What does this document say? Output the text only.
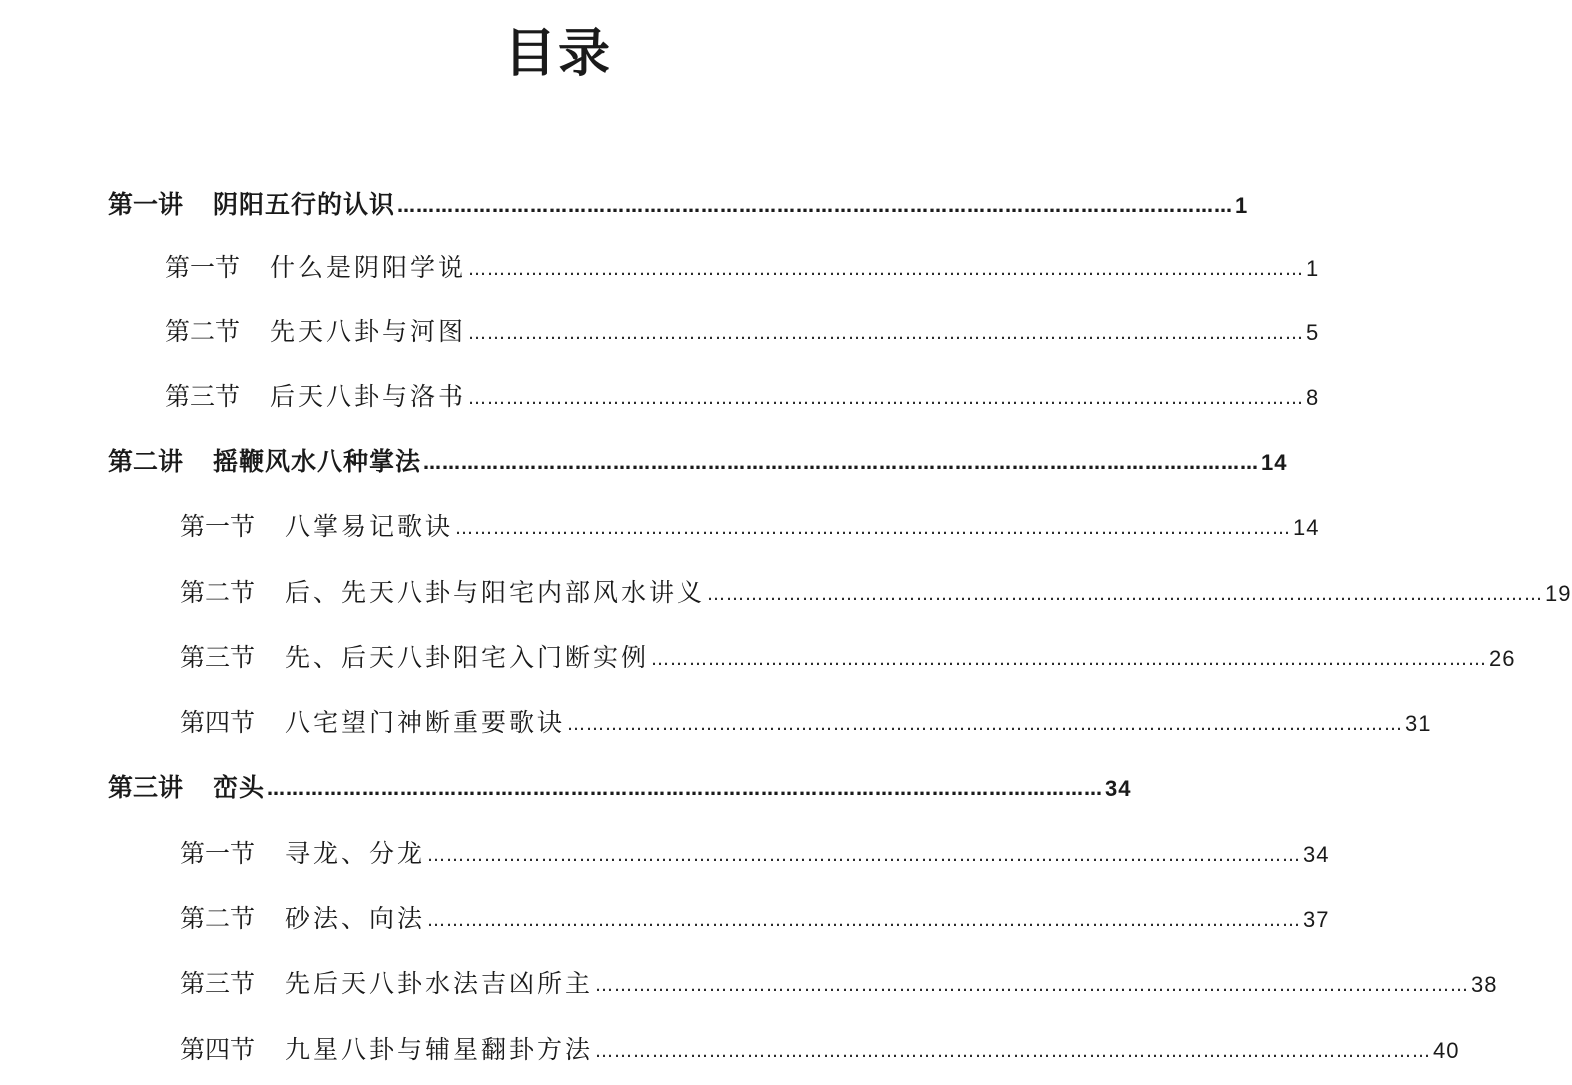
目录
第一讲 阴阳五行的认识 …………………………………………………………………………………………………………………… 1
第一节 什么是阴阳学说 …………………………………………………………………………………………………………………… 1
第二节 先天八卦与河图 …………………………………………………………………………………………………………………… 5
第三节 后天八卦与洛书 …………………………………………………………………………………………………………………… 8
第二讲 摇鞭风水八种掌法 …………………………………………………………………………………………………………………… 14
第一节 八掌易记歌诀 …………………………………………………………………………………………………………………… 14
第二节 后、先天八卦与阳宅内部风水讲义 …………………………………………………………………………………………………………………… 19
第三节 先、后天八卦阳宅入门断实例 …………………………………………………………………………………………………………………… 26
第四节 八宅望门神断重要歌诀 …………………………………………………………………………………………………………………… 31
第三讲 峦头 …………………………………………………………………………………………………………………… 34
第一节 寻龙、分龙 ………………………………………………………………………………………………………………………… 34
第二节 砂法、向法 ………………………………………………………………………………………………………………………… 37
第三节 先后天八卦水法吉凶所主 ………………………………………………………………………………………………………………………… 38
第四节 九星八卦与辅星翻卦方法 …………………………………………………………………………………………………………………… 40
